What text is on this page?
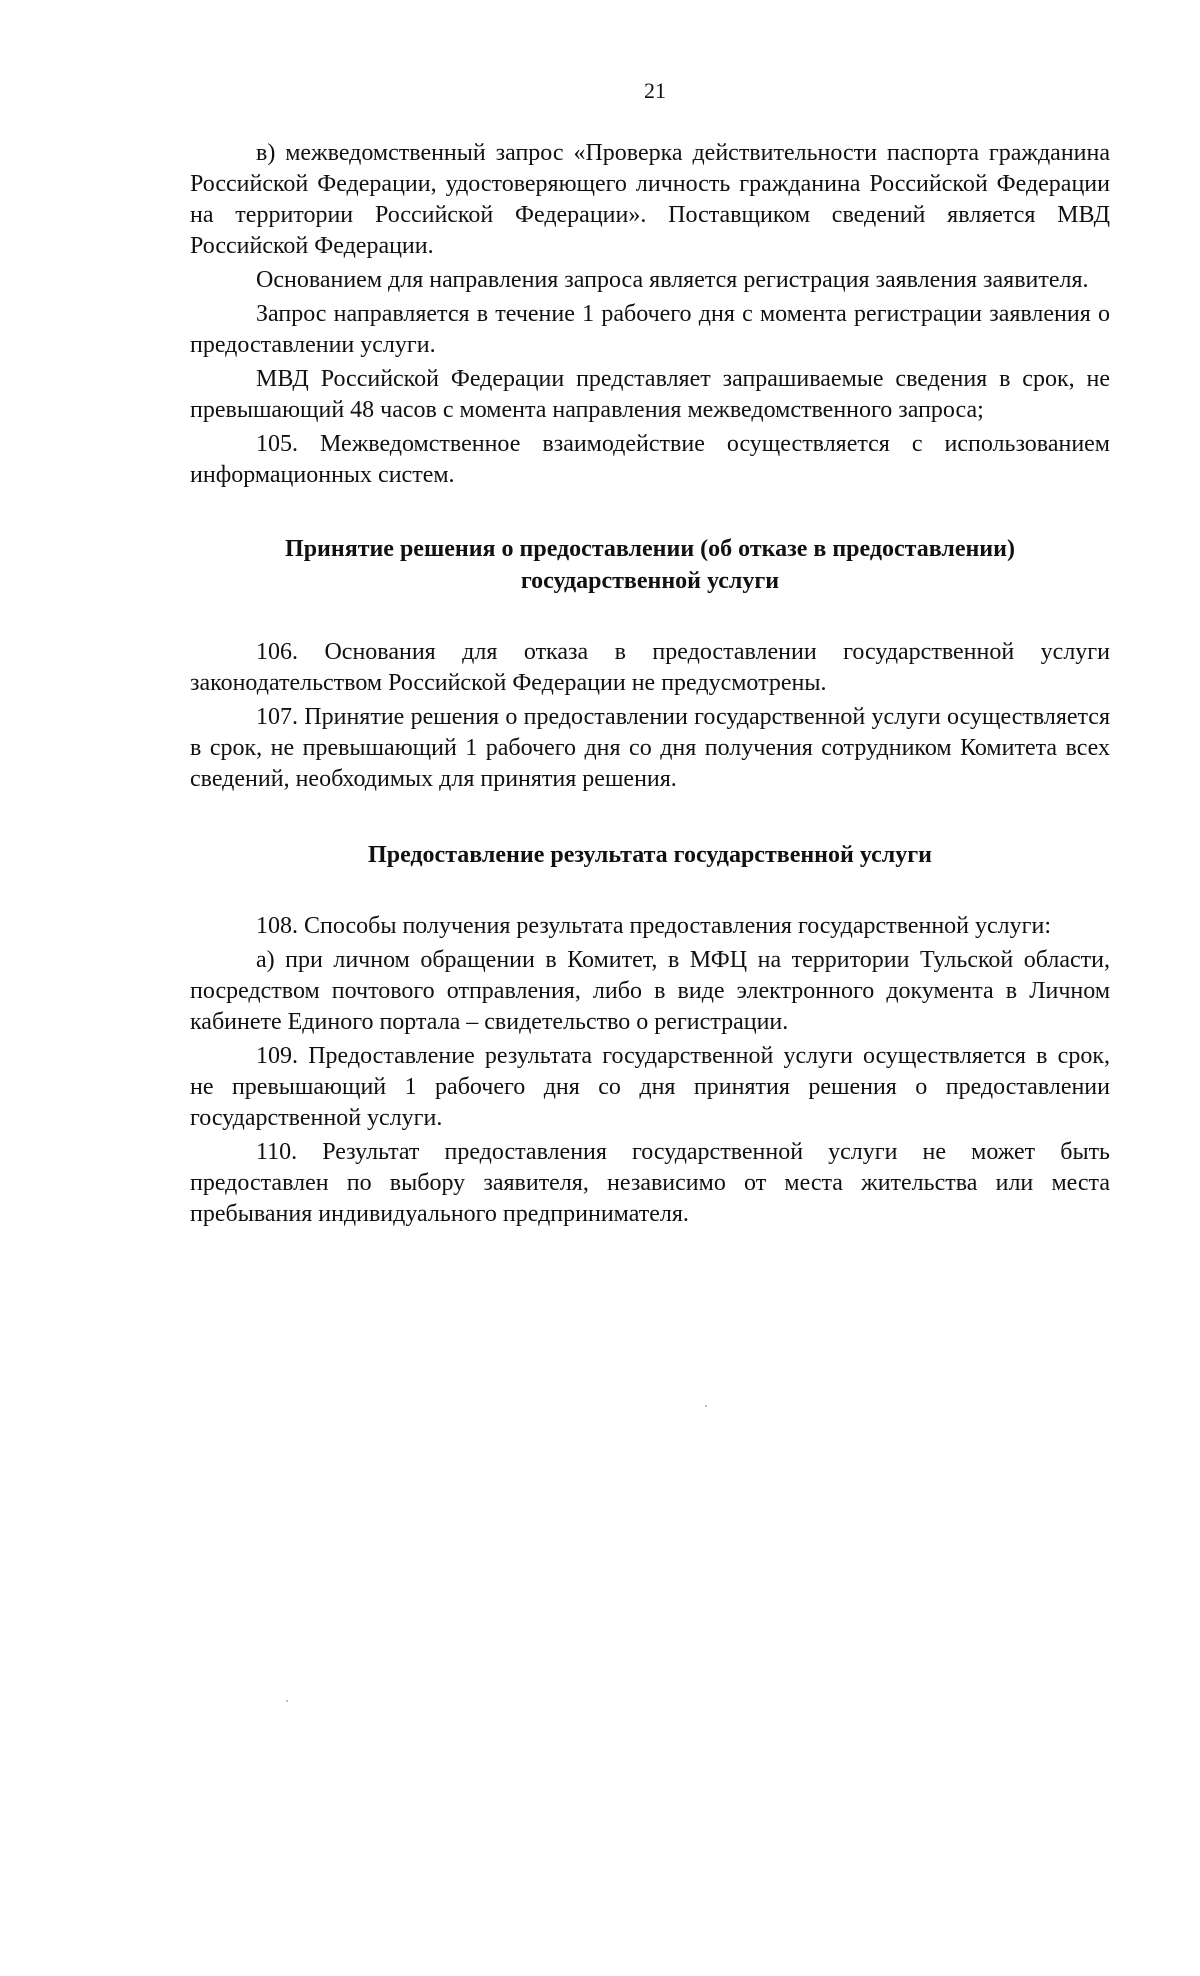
21

в) межведомственный запрос «Проверка действительности паспорта гражданина Российской Федерации, удостоверяющего личность гражданина Российской Федерации на территории Российской Федерации». Поставщиком сведений является МВД Российской Федерации.

Основанием для направления запроса является регистрация заявления заявителя.

Запрос направляется в течение 1 рабочего дня с момента регистрации заявления о предоставлении услуги.

МВД Российской Федерации представляет запрашиваемые сведения в срок, не превышающий 48 часов с момента направления межведомственного запроса;

105. Межведомственное взаимодействие осуществляется с использованием информационных систем.

Принятие решения о предоставлении (об отказе в предоставлении)
государственной услуги

106. Основания для отказа в предоставлении государственной услуги законодательством Российской Федерации не предусмотрены.

107. Принятие решения о предоставлении государственной услуги осуществляется в срок, не превышающий 1 рабочего дня со дня получения сотрудником Комитета всех сведений, необходимых для принятия решения.

Предоставление результата государственной услуги

108. Способы получения результата предоставления государственной услуги:

а) при личном обращении в Комитет, в МФЦ на территории Тульской области, посредством почтового отправления, либо в виде электронного документа в Личном кабинете Единого портала – свидетельство о регистрации.

109. Предоставление результата государственной услуги осуществляется в срок, не превышающий 1 рабочего дня со дня принятия решения о предоставлении государственной услуги.

110. Результат предоставления государственной услуги не может быть предоставлен по выбору заявителя, независимо от места жительства или места пребывания индивидуального предпринимателя.
